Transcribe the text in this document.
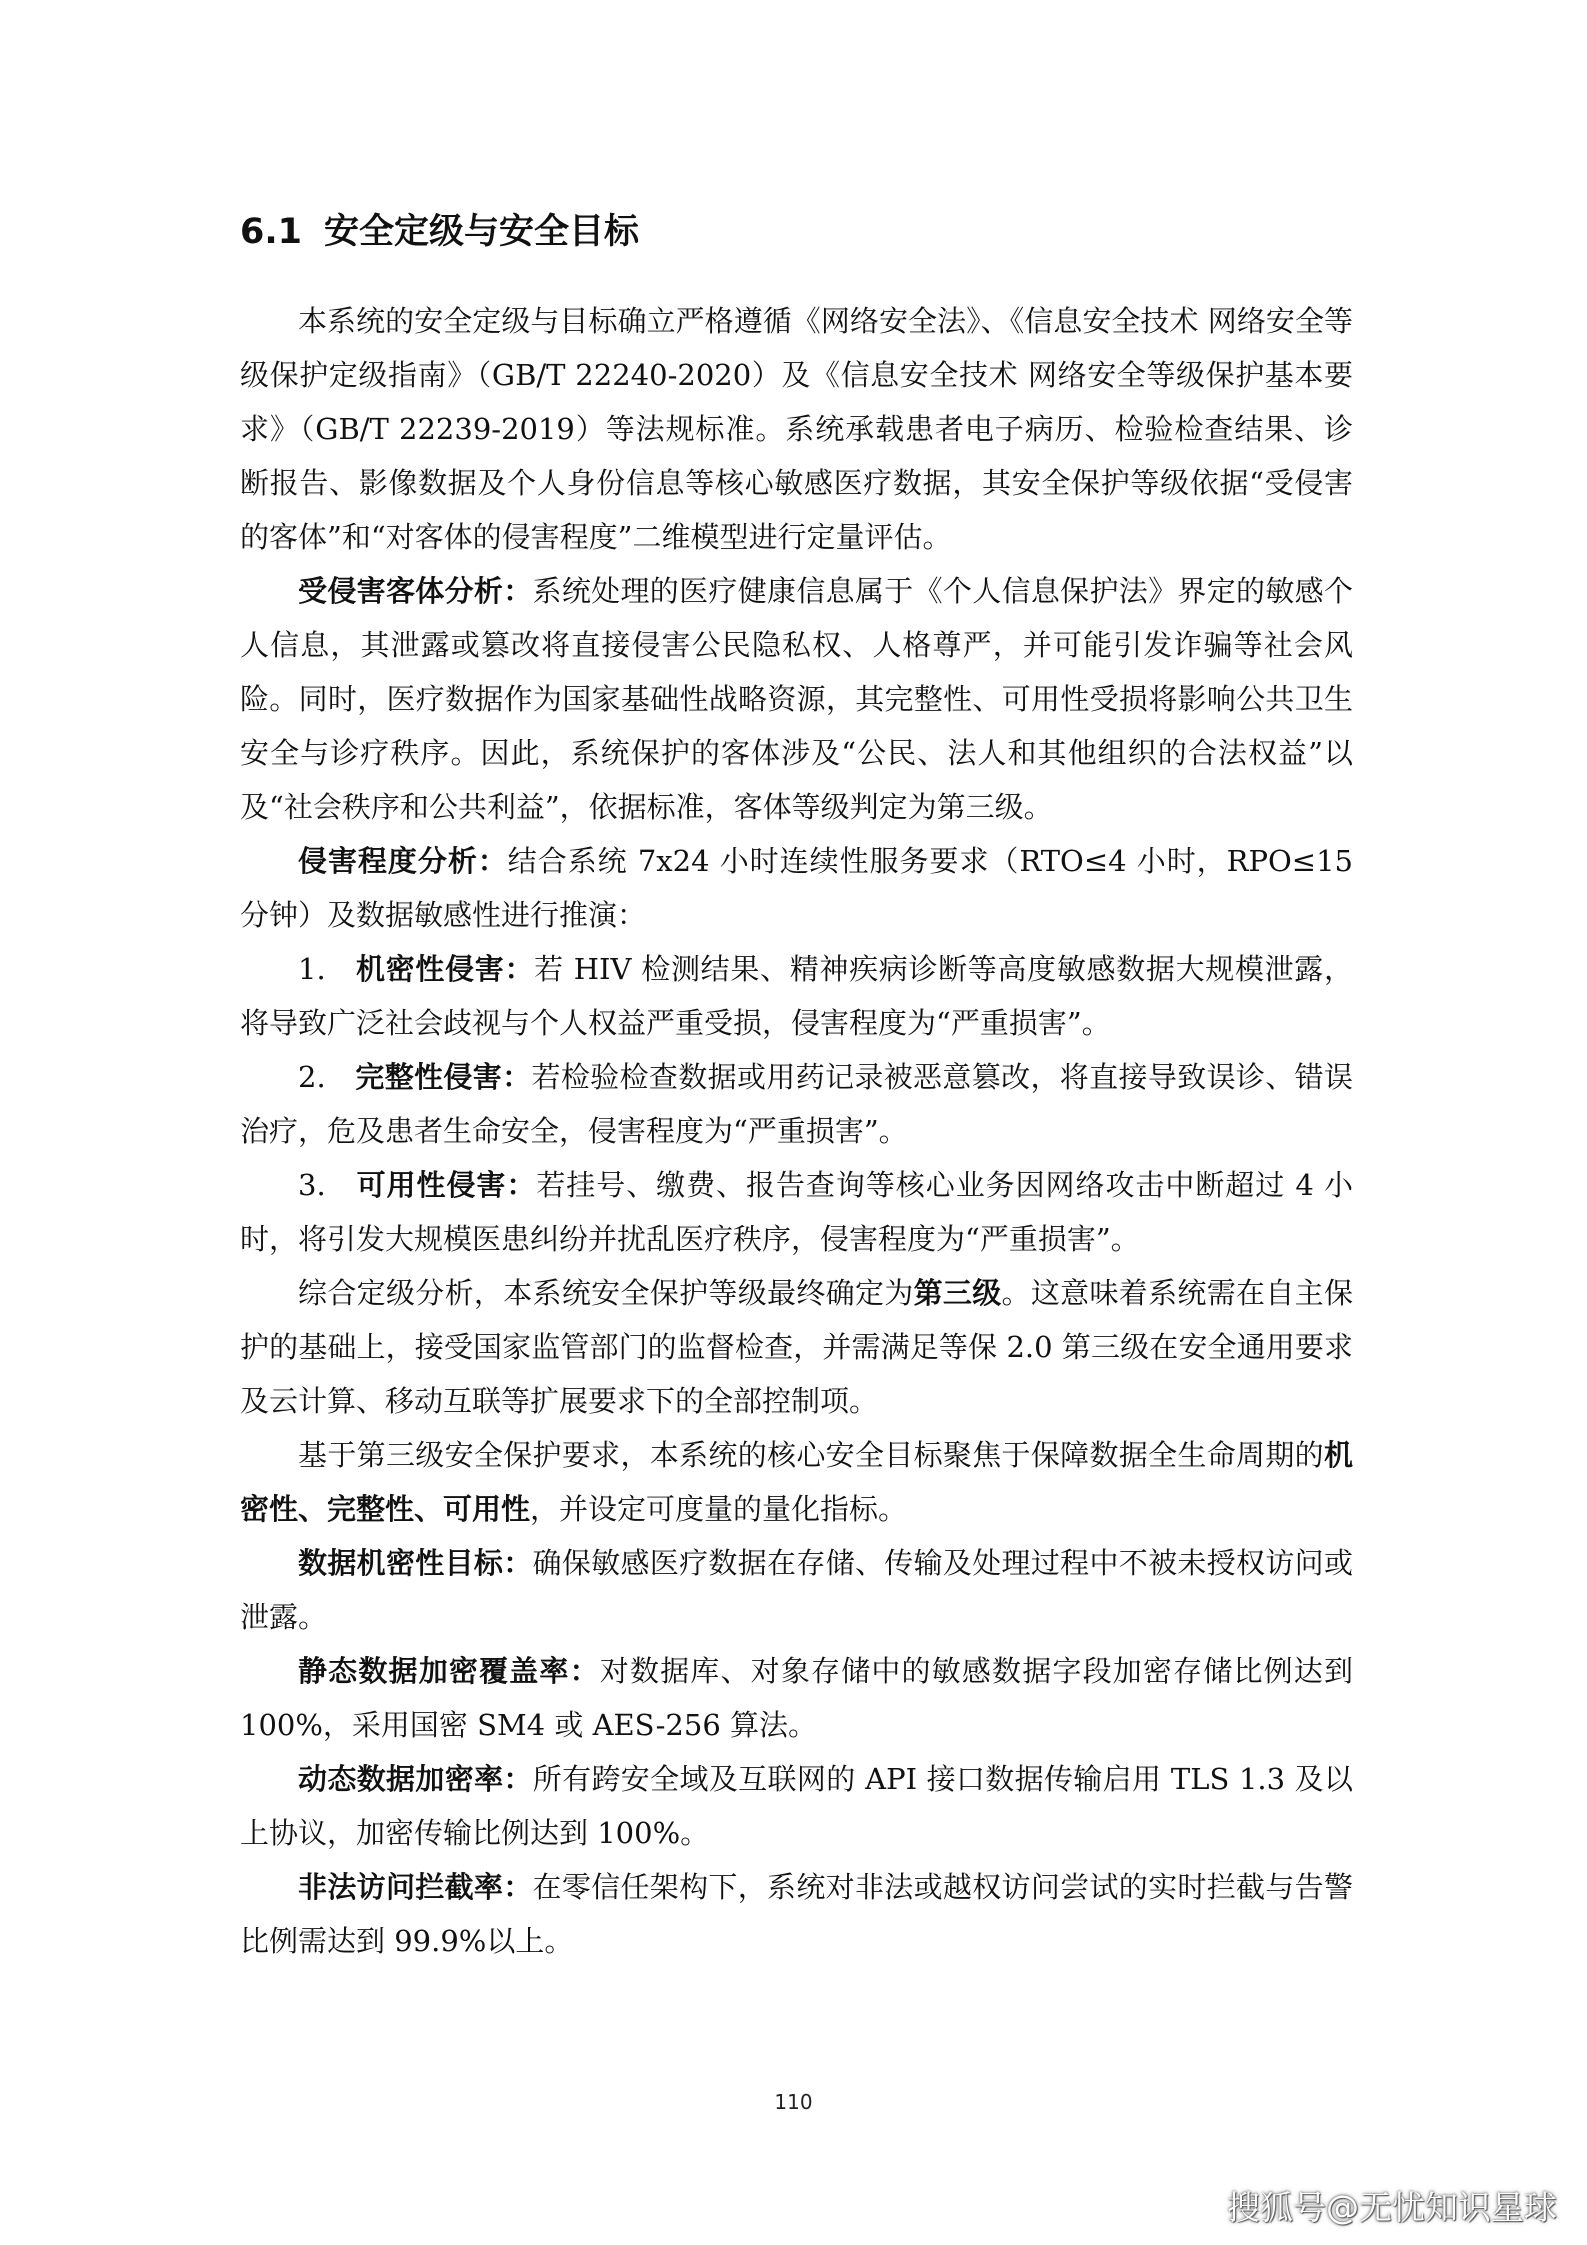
6.1 安全定级与安全目标

本系统的安全定级与目标确立严格遵循《网络安全法》、《信息安全技术 网络安全等级保护定级指南》（GB/T 22240-2020）及《信息安全技术 网络安全等级保护基本要求》（GB/T 22239-2019）等法规标准。系统承载患者电子病历、检验检查结果、诊断报告、影像数据及个人身份信息等核心敏感医疗数据，其安全保护等级依据“受侵害的客体”和“对客体的侵害程度”二维模型进行定量评估。

受侵害客体分析：系统处理的医疗健康信息属于《个人信息保护法》界定的敏感个人信息，其泄露或篡改将直接侵害公民隐私权、人格尊严，并可能引发诈骗等社会风险。同时，医疗数据作为国家基础性战略资源，其完整性、可用性受损将影响公共卫生安全与诊疗秩序。因此，系统保护的客体涉及“公民、法人和其他组织的合法权益”以及“社会秩序和公共利益”，依据标准，客体等级判定为第三级。

侵害程度分析：结合系统 7x24 小时连续性服务要求（RTO≤4 小时，RPO≤15 分钟）及数据敏感性进行推演：

1.　机密性侵害：若 HIV 检测结果、精神疾病诊断等高度敏感数据大规模泄露，将导致广泛社会歧视与个人权益严重受损，侵害程度为“严重损害”。

2.　完整性侵害：若检验检查数据或用药记录被恶意篡改，将直接导致误诊、错误治疗，危及患者生命安全，侵害程度为“严重损害”。

3.　可用性侵害：若挂号、缴费、报告查询等核心业务因网络攻击中断超过 4 小时，将引发大规模医患纠纷并扰乱医疗秩序，侵害程度为“严重损害”。

综合定级分析，本系统安全保护等级最终确定为第三级。这意味着系统需在自主保护的基础上，接受国家监管部门的监督检查，并需满足等保 2.0 第三级在安全通用要求及云计算、移动互联等扩展要求下的全部控制项。

基于第三级安全保护要求，本系统的核心安全目标聚焦于保障数据全生命周期的机密性、完整性、可用性，并设定可度量的量化指标。

数据机密性目标：确保敏感医疗数据在存储、传输及处理过程中不被未授权访问或泄露。

静态数据加密覆盖率：对数据库、对象存储中的敏感数据字段加密存储比例达到 100%，采用国密 SM4 或 AES-256 算法。

动态数据加密率：所有跨安全域及互联网的 API 接口数据传输启用 TLS 1.3 及以上协议，加密传输比例达到 100%。

非法访问拦截率：在零信任架构下，系统对非法或越权访问尝试的实时拦截与告警比例需达到 99.9%以上。

110
搜狐号@无忧知识星球
